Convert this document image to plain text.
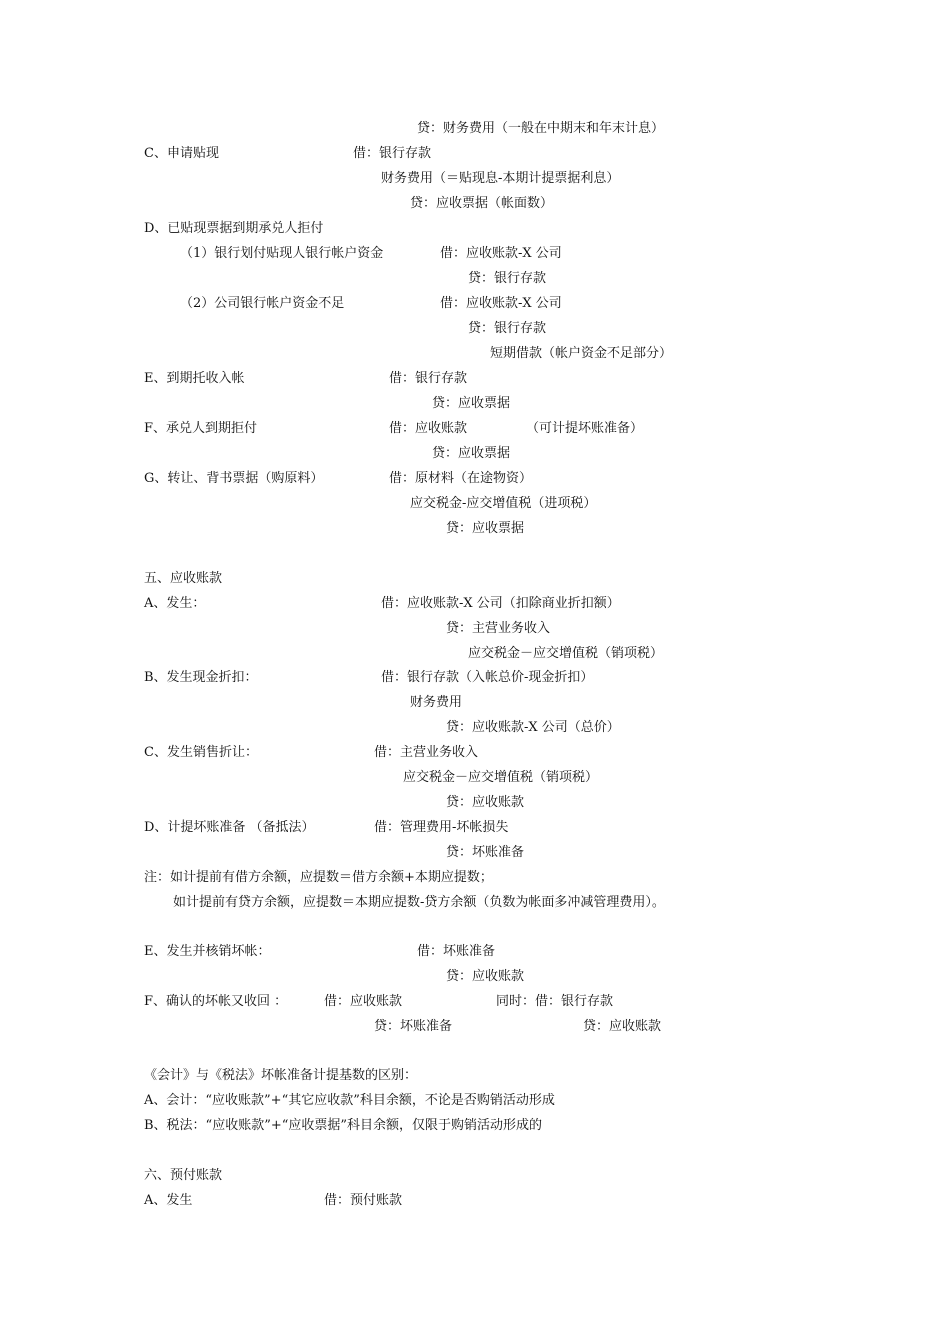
贷：财务费用（一般在中期末和年末计息）
C、申请贴现	借：银行存款
财务费用（＝贴现息-本期计提票据利息）
贷：应收票据（帐面数）
D、已贴现票据到期承兑人拒付
（1）银行划付贴现人银行帐户资金	借：应收账款-X 公司
贷：银行存款
（2）公司银行帐户资金不足	借：应收账款-X 公司
贷：银行存款
短期借款（帐户资金不足部分）
E、到期托收入帐	借：银行存款
贷：应收票据
F、承兑人到期拒付	借：应收账款	（可计提坏账准备）
贷：应收票据
G、转让、背书票据（购原料）	借：原材料（在途物资）
应交税金-应交增值税（进项税）
贷：应收票据
五、应收账款
A、发生：	借：应收账款-X 公司（扣除商业折扣额）
贷：主营业务收入
应交税金－应交增值税（销项税）
B、发生现金折扣：	借：银行存款（入帐总价-现金折扣）
财务费用
贷：应收账款-X 公司（总价）
C、发生销售折让：	借：主营业务收入
应交税金－应交增值税（销项税）
贷：应收账款
D、计提坏账准备 （备抵法）	借：管理费用-坏帐损失
贷：坏账准备
注：如计提前有借方余额，应提数＝借方余额+本期应提数；
如计提前有贷方余额，应提数＝本期应提数-贷方余额（负数为帐面多冲减管理费用）。
E、发生并核销坏帐：	借：坏账准备
贷：应收账款
F、确认的坏帐又收回 ：	借：应收账款	同时：借：银行存款
贷：坏账准备	贷：应收账款
《会计》与《税法》坏帐准备计提基数的区别：
A、会计：“应收账款”+“其它应收款”科目余额，不论是否购销活动形成
B、税法：“应收账款”+“应收票据”科目余额，仅限于购销活动形成的
六、预付账款
A、发生	借：预付账款
